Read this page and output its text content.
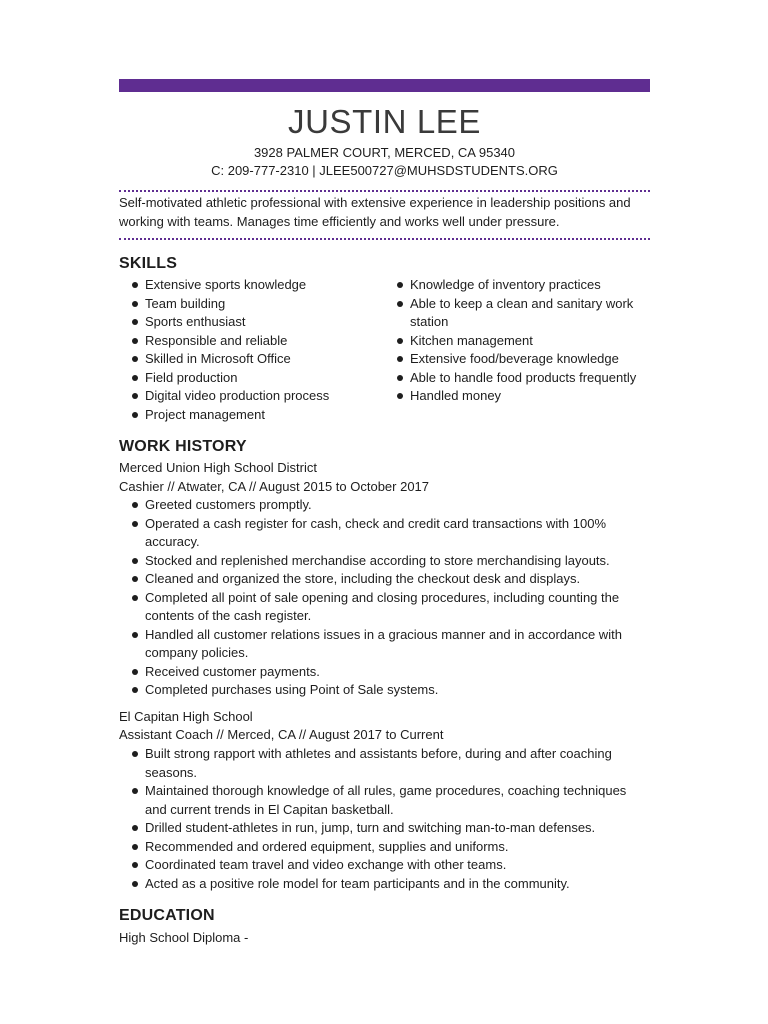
JUSTIN LEE
3928 PALMER COURT, MERCED, CA 95340
C: 209-777-2310 | JLEE500727@MUHSDSTUDENTS.ORG
Self-motivated athletic professional with extensive experience in leadership positions and working with teams. Manages time efficiently and works well under pressure.
SKILLS
Extensive sports knowledge
Team building
Sports enthusiast
Responsible and reliable
Skilled in Microsoft Office
Field production
Digital video production process
Project management
Knowledge of inventory practices
Able to keep a clean and sanitary work station
Kitchen management
Extensive food/beverage knowledge
Able to handle food products frequently
Handled money
WORK HISTORY
Merced Union High School District
Cashier // Atwater, CA // August 2015 to October 2017
Greeted customers promptly.
Operated a cash register for cash, check and credit card transactions with 100% accuracy.
Stocked and replenished merchandise according to store merchandising layouts.
Cleaned and organized the store, including the checkout desk and displays.
Completed all point of sale opening and closing procedures, including counting the contents of the cash register.
Handled all customer relations issues in a gracious manner and in accordance with company policies.
Received customer payments.
Completed purchases using Point of Sale systems.
El Capitan High School
Assistant Coach // Merced, CA // August 2017 to Current
Built strong rapport with athletes and assistants before, during and after coaching seasons.
Maintained thorough knowledge of all rules, game procedures, coaching techniques and current trends in El Capitan basketball.
Drilled student-athletes in run, jump, turn and switching man-to-man defenses.
Recommended and ordered equipment, supplies and uniforms.
Coordinated team travel and video exchange with other teams.
Acted as a positive role model for team participants and in the community.
EDUCATION
High School Diploma -
